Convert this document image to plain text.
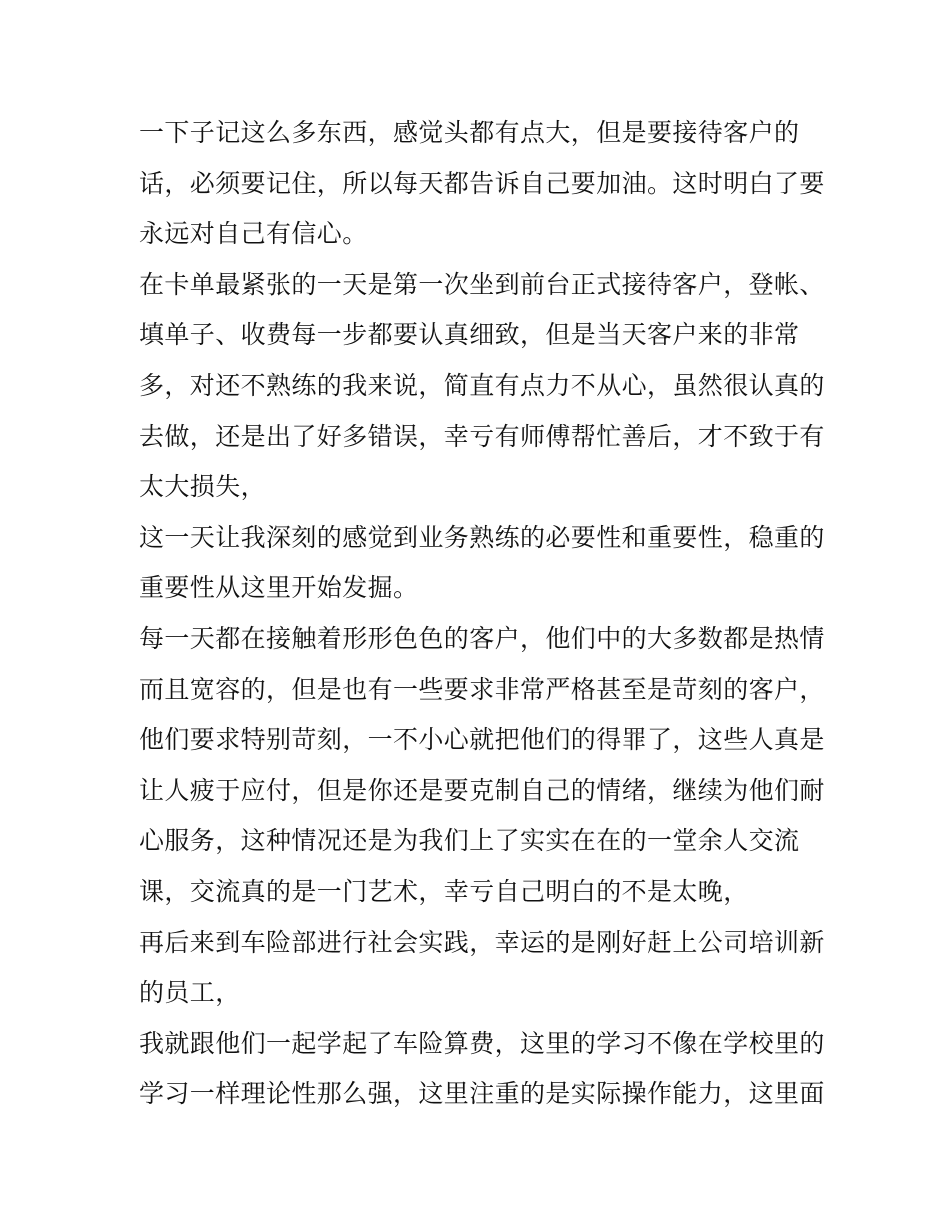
一下子记这么多东西，感觉头都有点大，但是要接待客户的
话，必须要记住，所以每天都告诉自己要加油。这时明白了要
永远对自己有信心。
在卡单最紧张的一天是第一次坐到前台正式接待客户，登帐、
填单子、收费每一步都要认真细致，但是当天客户来的非常
多，对还不熟练的我来说，简直有点力不从心，虽然很认真的
去做，还是出了好多错误，幸亏有师傅帮忙善后，才不致于有
太大损失，
这一天让我深刻的感觉到业务熟练的必要性和重要性，稳重的
重要性从这里开始发掘。
每一天都在接触着形形色色的客户，他们中的大多数都是热情
而且宽容的，但是也有一些要求非常严格甚至是苛刻的客户，
他们要求特别苛刻，一不小心就把他们的得罪了，这些人真是
让人疲于应付，但是你还是要克制自己的情绪，继续为他们耐
心服务，这种情况还是为我们上了实实在在的一堂余人交流
课，交流真的是一门艺术，幸亏自己明白的不是太晚，
再后来到车险部进行社会实践，幸运的是刚好赶上公司培训新
的员工，
我就跟他们一起学起了车险算费，这里的学习不像在学校里的
学习一样理论性那么强，这里注重的是实际操作能力，这里面
